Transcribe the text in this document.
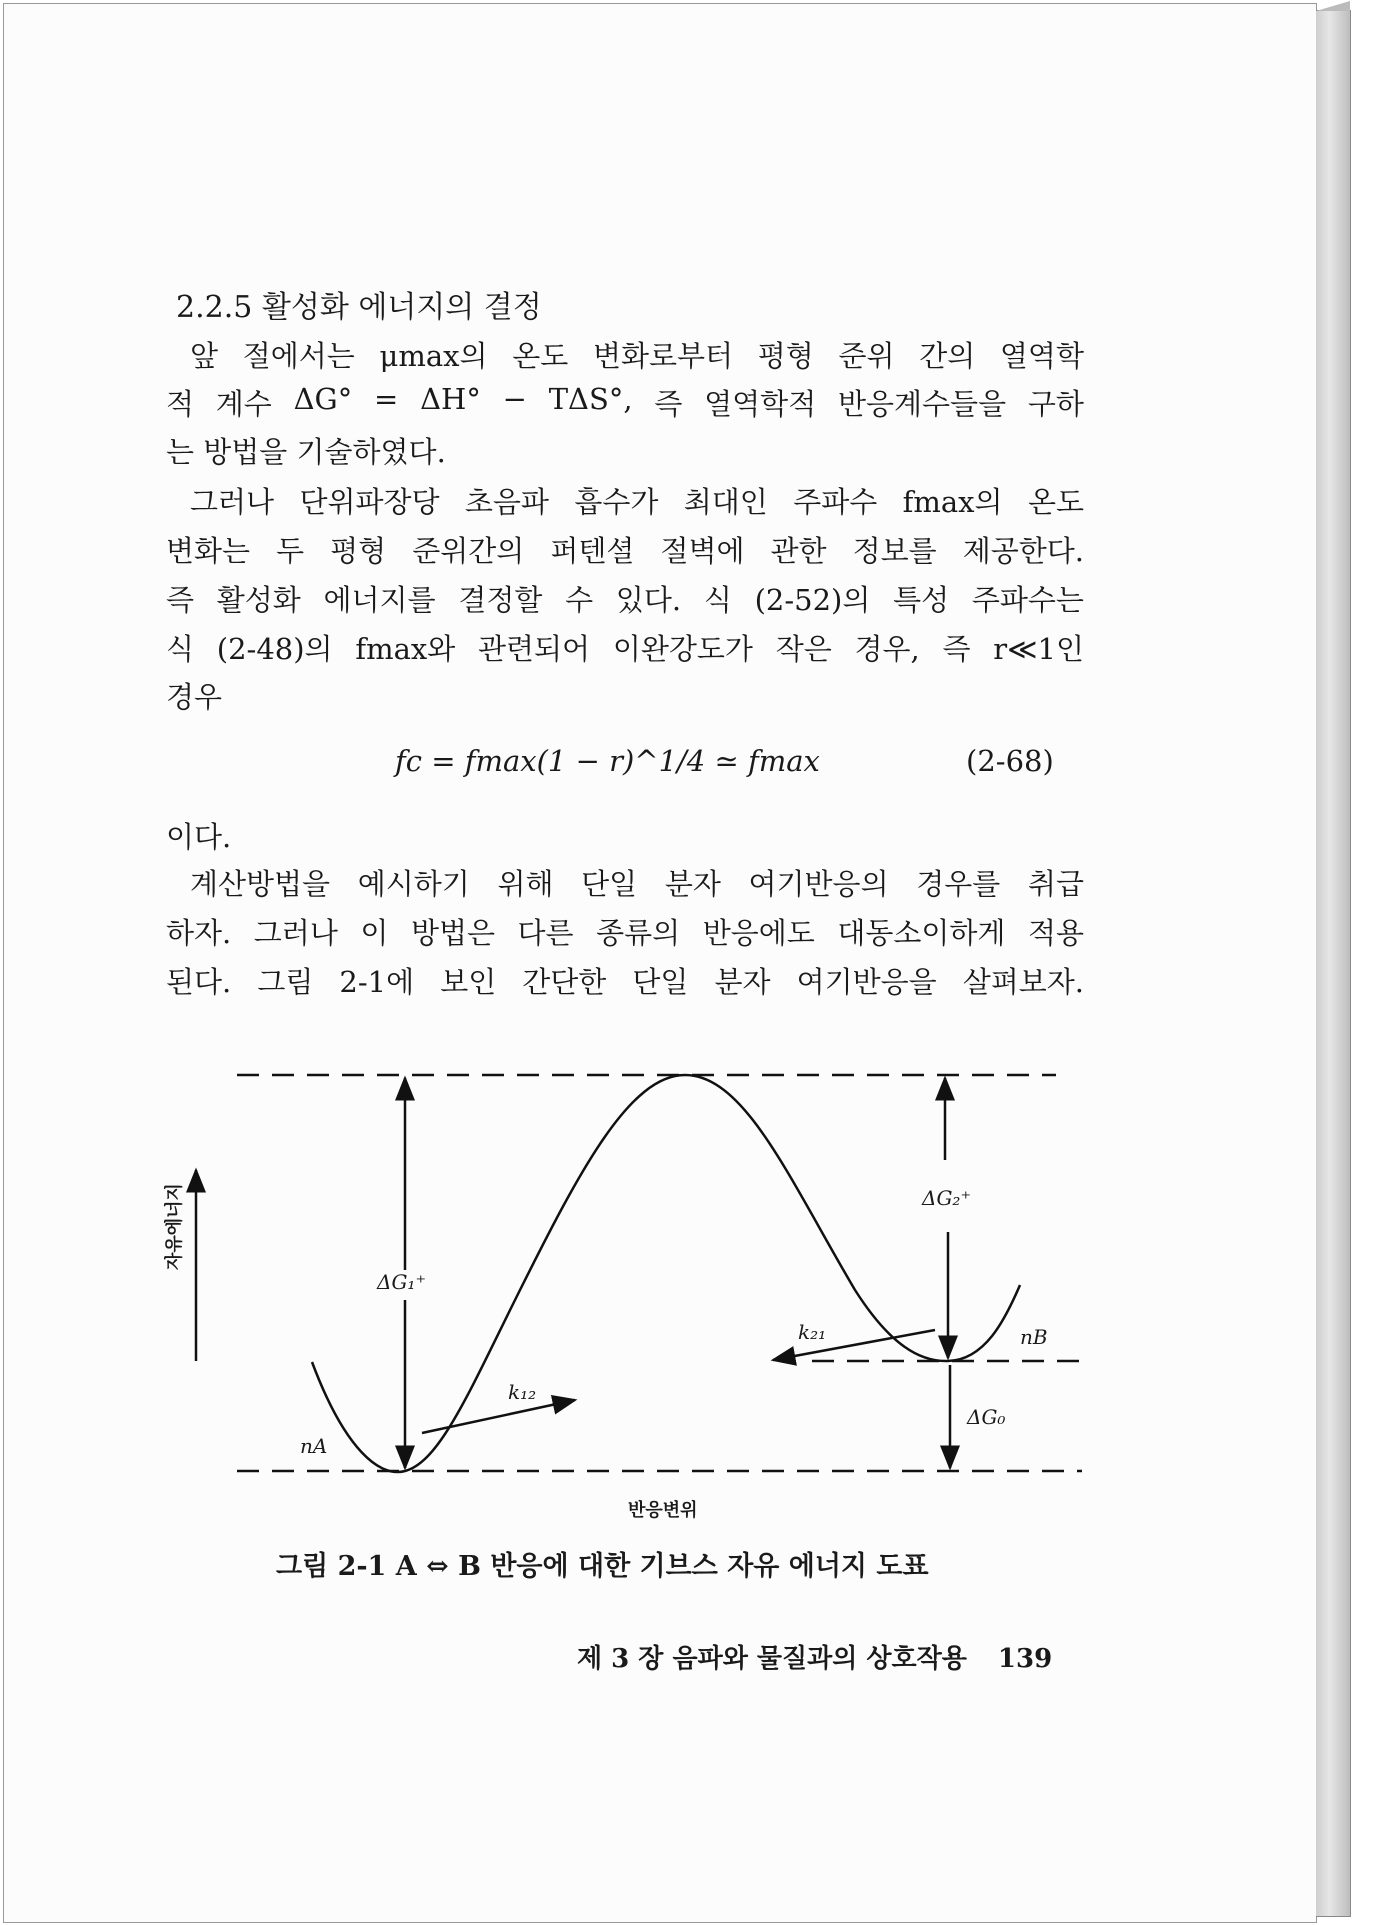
2.2.5 활성화 에너지의 결정
앞 절에서는 μmax의 온도 변화로부터 평형 준위 간의 열역학
적 계수 ΔG° = ΔH° − TΔS°, 즉 열역학적 반응계수들을 구하
는 방법을 기술하였다.
그러나 단위파장당 초음파 흡수가 최대인 주파수 fmax의 온도
변화는 두 평형 준위간의 퍼텐셜 절벽에 관한 정보를 제공한다.
즉 활성화 에너지를 결정할 수 있다. 식 (2-52)의 특성 주파수는
식 (2-48)의 fmax와 관련되어 이완강도가 작은 경우, 즉 r≪1인
경우
fc = fmax(1 − r)^1/4 ≃ fmax	(2-68)
이다.
계산방법을 예시하기 위해 단일 분자 여기반응의 경우를 취급
하자. 그러나 이 방법은 다른 종류의 반응에도 대동소이하게 적용
된다. 그림 2-1에 보인 간단한 단일 분자 여기반응을 살펴보자.
ΔG₁⁺
ΔG₂⁺
ΔG₀
k₁₂
k₂₁
nA
nB
자유에너지
반응변위
그림 2-1 A ⇔ B 반응에 대한 기브스 자유 에너지 도표
제 3 장 음파와 물질과의 상호작용 139
